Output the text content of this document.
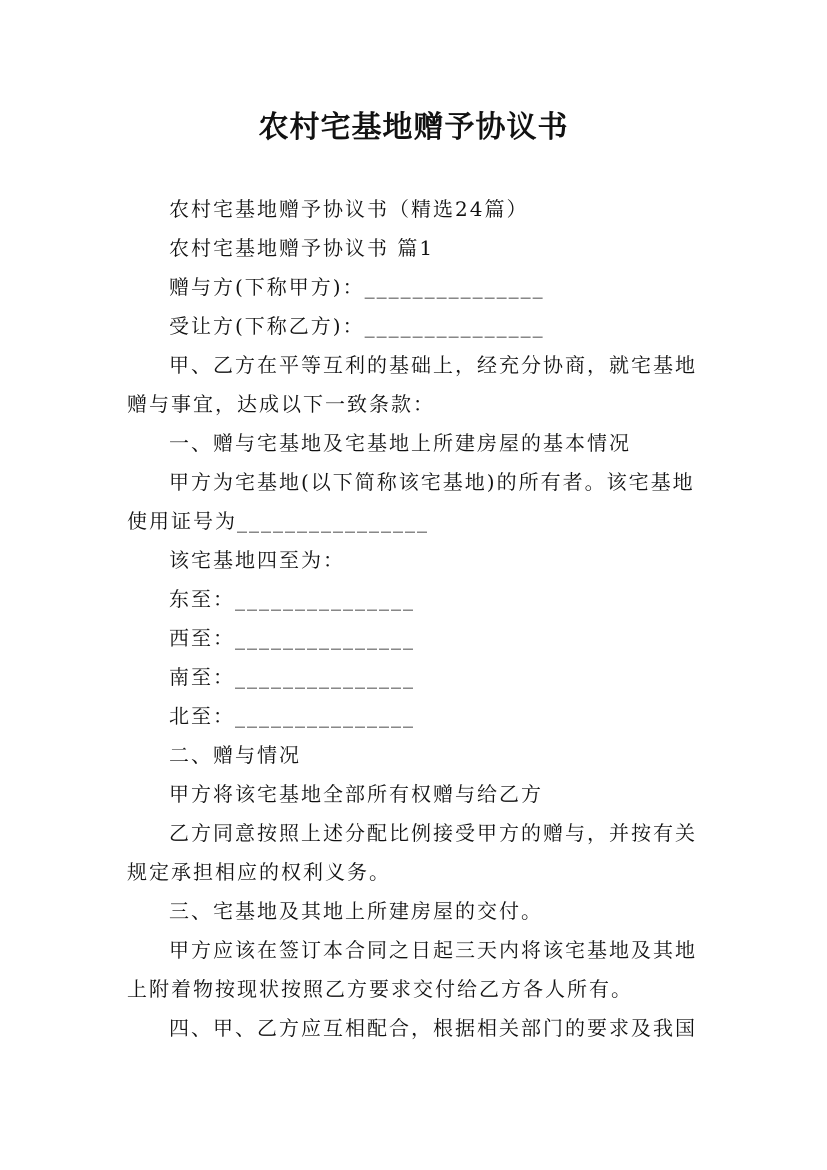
农村宅基地赠予协议书

农村宅基地赠予协议书（精选24篇）

农村宅基地赠予协议书 篇1

赠与方(下称甲方)：_______________

受让方(下称乙方)：_______________

甲、乙方在平等互利的基础上，经充分协商，就宅基地赠与事宜，达成以下一致条款：

一、赠与宅基地及宅基地上所建房屋的基本情况

甲方为宅基地(以下简称该宅基地)的所有者。该宅基地使用证号为________________

该宅基地四至为：

东至：_______________

西至：_______________

南至：_______________

北至：_______________

二、赠与情况

甲方将该宅基地全部所有权赠与给乙方

乙方同意按照上述分配比例接受甲方的赠与，并按有关规定承担相应的权利义务。

三、宅基地及其地上所建房屋的交付。

甲方应该在签订本合同之日起三天内将该宅基地及其地上附着物按现状按照乙方要求交付给乙方各人所有。

四、甲、乙方应互相配合，根据相关部门的要求及我国
